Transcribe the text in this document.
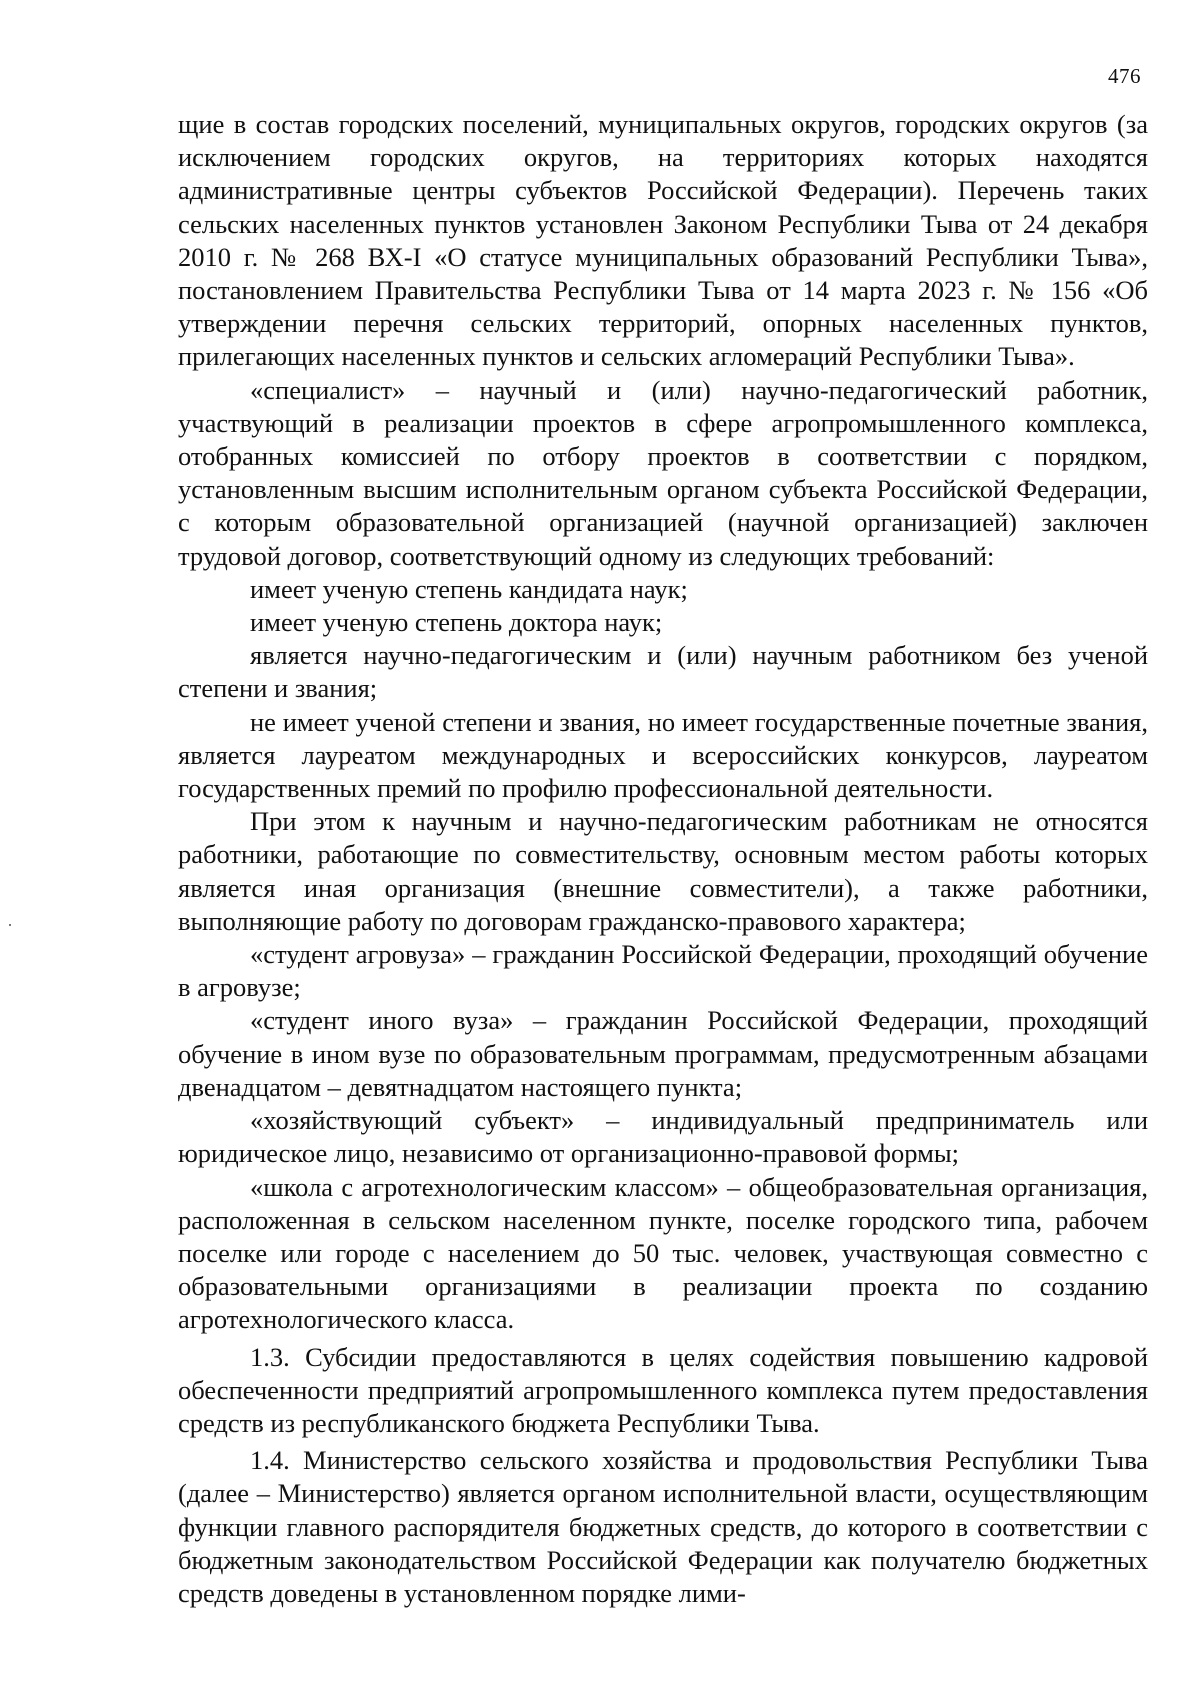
476

щие в состав городских поселений, муниципальных округов, городских округов (за исключением городских округов, на территориях которых находятся административные центры субъектов Российской Федерации). Перечень таких сельских населенных пунктов установлен Законом Республики Тыва от 24 декабря 2010 г. № 268 ВХ-I «О статусе муниципальных образований Республики Тыва», постановлением Правительства Республики Тыва от 14 марта 2023 г. № 156 «Об утверждении перечня сельских территорий, опорных населенных пунктов, прилегающих населенных пунктов и сельских агломераций Республики Тыва».

«специалист» – научный и (или) научно-педагогический работник, участвующий в реализации проектов в сфере агропромышленного комплекса, отобранных комиссией по отбору проектов в соответствии с порядком, установленным высшим исполнительным органом субъекта Российской Федерации, с которым образовательной организацией (научной организацией) заключен трудовой договор, соответствующий одному из следующих требований:

имеет ученую степень кандидата наук;

имеет ученую степень доктора наук;

является научно-педагогическим и (или) научным работником без ученой степени и звания;

не имеет ученой степени и звания, но имеет государственные почетные звания, является лауреатом международных и всероссийских конкурсов, лауреатом государственных премий по профилю профессиональной деятельности.

При этом к научным и научно-педагогическим работникам не относятся работники, работающие по совместительству, основным местом работы которых является иная организация (внешние совместители), а также работники, выполняющие работу по договорам гражданско-правового характера;

«студент агровуза» – гражданин Российской Федерации, проходящий обучение в агровузе;

«студент иного вуза» – гражданин Российской Федерации, проходящий обучение в ином вузе по образовательным программам, предусмотренным абзацами двенадцатом – девятнадцатом настоящего пункта;

«хозяйствующий субъект» – индивидуальный предприниматель или юридическое лицо, независимо от организационно-правовой формы;

«школа с агротехнологическим классом» – общеобразовательная организация, расположенная в сельском населенном пункте, поселке городского типа, рабочем поселке или городе с населением до 50 тыс. человек, участвующая совместно с образовательными организациями в реализации проекта по созданию агротехнологического класса.

1.3. Субсидии предоставляются в целях содействия повышению кадровой обеспеченности предприятий агропромышленного комплекса путем предоставления средств из республиканского бюджета Республики Тыва.

1.4. Министерство сельского хозяйства и продовольствия Республики Тыва (далее – Министерство) является органом исполнительной власти, осуществляющим функции главного распорядителя бюджетных средств, до которого в соответствии с бюджетным законодательством Российской Федерации как получателю бюджетных средств доведены в установленном порядке лими-
